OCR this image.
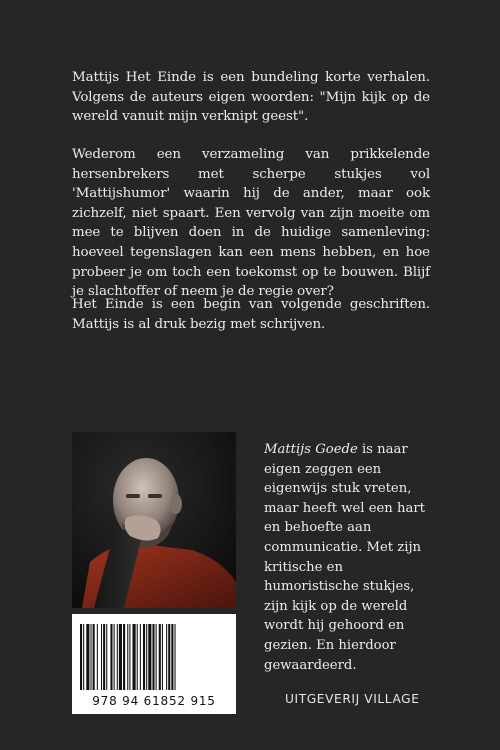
Mattijs Het Einde is een bundeling korte verhalen. Volgens de auteurs eigen woorden: "Mijn kijk op de wereld vanuit mijn verknipt geest".

Wederom een verzameling van prikkelende hersenbrekers met scherpe stukjes vol 'Mattijshumor' waarin hij de ander, maar ook zichzelf, niet spaart. Een vervolg van zijn moeite om mee te blijven doen in de huidige samenleving: hoeveel tegenslagen kan een mens hebben, en hoe probeer je om toch een toekomst op te bouwen. Blijf je slachtoffer of neem je de regie over?

Het Einde is een begin van volgende geschriften. Mattijs is al druk bezig met schrijven.

Mattijs Goede is naar eigen zeggen een eigenwijs stuk vreten, maar heeft wel een hart en behoefte aan communicatie. Met zijn kritische en humoristische stukjes, zijn kijk op de wereld wordt hij gehoord en gezien. En hierdoor gewaardeerd.

978 94 61852 915	UITGEVERIJ VILLAGE
